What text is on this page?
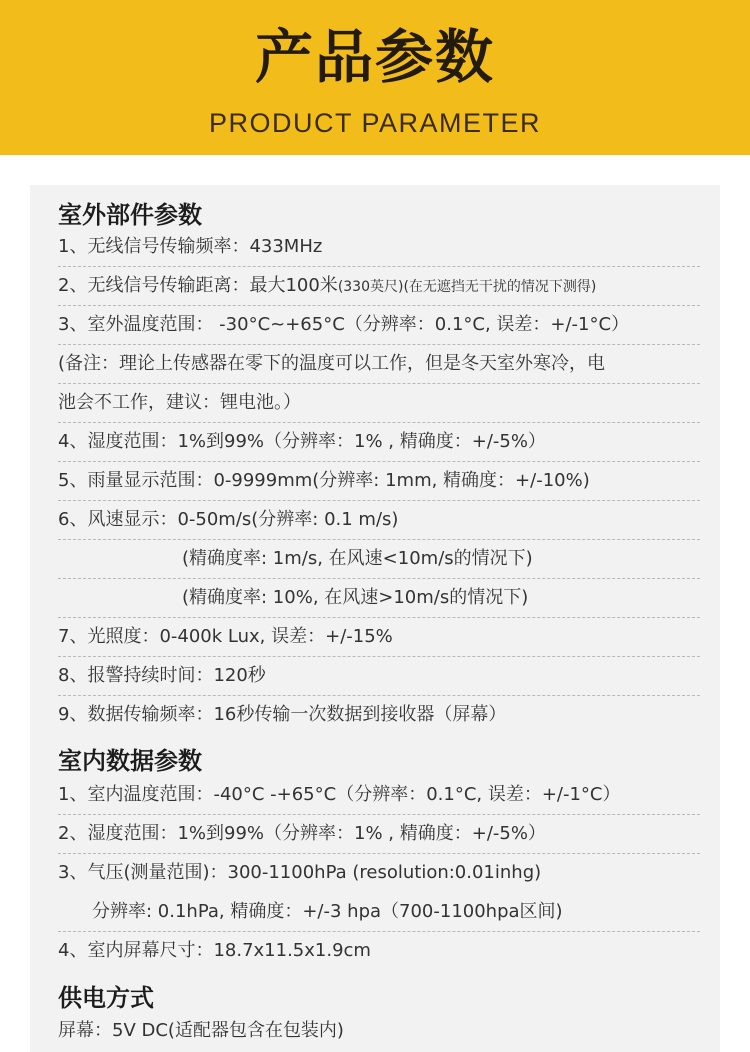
产品参数
PRODUCT PARAMETER
室外部件参数
1、无线信号传输频率：433MHz
2、无线信号传输距离：最大100米(330英尺)(在无遮挡无干扰的情况下测得)
3、室外温度范围： -30°C~+65°C（分辨率：0.1°C, 误差：+/-1°C）
(备注：理论上传感器在零下的温度可以工作，但是冬天室外寒冷，电
池会不工作，建议：锂电池。）
4、湿度范围：1%到99%（分辨率：1% , 精确度：+/-5%）
5、雨量显示范围：0-9999mm(分辨率: 1mm, 精确度：+/-10%)
6、风速显示：0-50m/s(分辨率: 0.1 m/s)
(精确度率: 1m/s, 在风速<10m/s的情况下)
(精确度率: 10%, 在风速>10m/s的情况下)
7、光照度：0-400k Lux, 误差：+/-15%
8、报警持续时间：120秒
9、数据传输频率：16秒传输一次数据到接收器（屏幕）
室内数据参数
1、室内温度范围：-40°C -+65°C（分辨率：0.1°C, 误差：+/-1°C）
2、湿度范围：1%到99%（分辨率：1% , 精确度：+/-5%）
3、气压(测量范围)：300-1100hPa (resolution:0.01inhg)
分辨率: 0.1hPa, 精确度：+/-3 hpa（700-1100hpa区间)
4、室内屏幕尺寸：18.7x11.5x1.9cm
供电方式
屏幕：5V DC(适配器包含在包装内)
